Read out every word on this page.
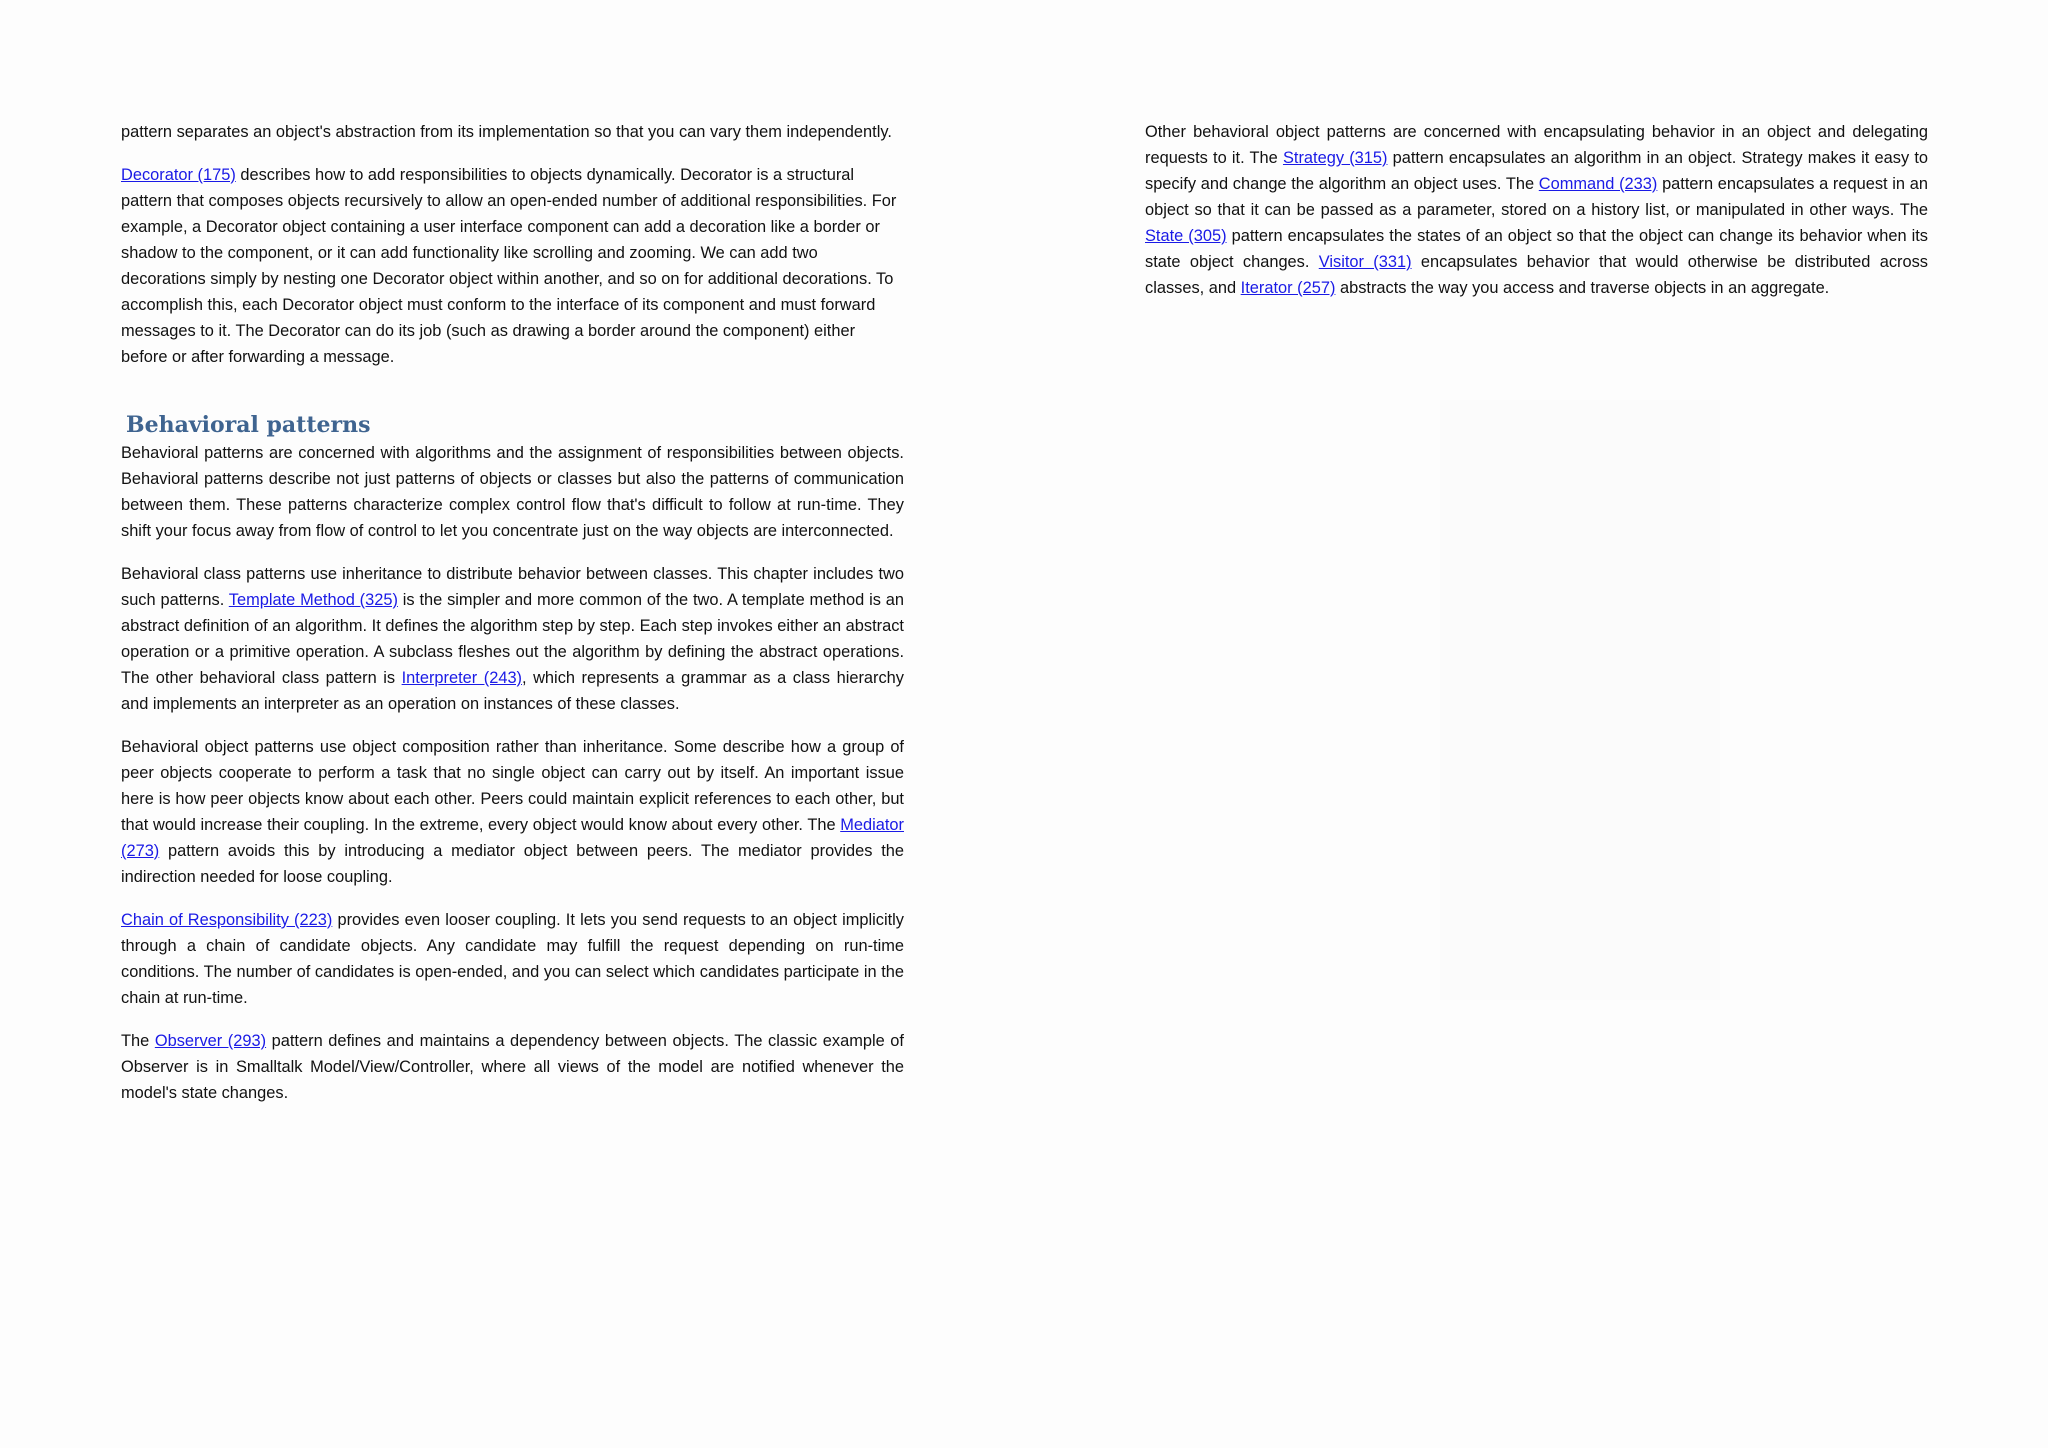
pattern separates an object's abstraction from its implementation so that you can vary them independently.

Decorator (175) describes how to add responsibilities to objects dynamically. Decorator is a structural pattern that composes objects recursively to allow an open-ended number of additional responsibilities. For example, a Decorator object containing a user interface component can add a decoration like a border or shadow to the component, or it can add functionality like scrolling and zooming. We can add two decorations simply by nesting one Decorator object within another, and so on for additional decorations. To accomplish this, each Decorator object must conform to the interface of its component and must forward messages to it. The Decorator can do its job (such as drawing a border around the component) either before or after forwarding a message.

Behavioral patterns

Behavioral patterns are concerned with algorithms and the assignment of responsibilities between objects. Behavioral patterns describe not just patterns of objects or classes but also the patterns of communication between them. These patterns characterize complex control flow that's difficult to follow at run-time. They shift your focus away from flow of control to let you concentrate just on the way objects are interconnected.

Behavioral class patterns use inheritance to distribute behavior between classes. This chapter includes two such patterns. Template Method (325) is the simpler and more common of the two. A template method is an abstract definition of an algorithm. It defines the algorithm step by step. Each step invokes either an abstract operation or a primitive operation. A subclass fleshes out the algorithm by defining the abstract operations. The other behavioral class pattern is Interpreter (243), which represents a grammar as a class hierarchy and implements an interpreter as an operation on instances of these classes.

Behavioral object patterns use object composition rather than inheritance. Some describe how a group of peer objects cooperate to perform a task that no single object can carry out by itself. An important issue here is how peer objects know about each other. Peers could maintain explicit references to each other, but that would increase their coupling. In the extreme, every object would know about every other. The Mediator (273) pattern avoids this by introducing a mediator object between peers. The mediator provides the indirection needed for loose coupling.

Chain of Responsibility (223) provides even looser coupling. It lets you send requests to an object implicitly through a chain of candidate objects. Any candidate may fulfill the request depending on run-time conditions. The number of candidates is open-ended, and you can select which candidates participate in the chain at run-time.

The Observer (293) pattern defines and maintains a dependency between objects. The classic example of Observer is in Smalltalk Model/View/Controller, where all views of the model are notified whenever the model's state changes.

Other behavioral object patterns are concerned with encapsulating behavior in an object and delegating requests to it. The Strategy (315) pattern encapsulates an algorithm in an object. Strategy makes it easy to specify and change the algorithm an object uses. The Command (233) pattern encapsulates a request in an object so that it can be passed as a parameter, stored on a history list, or manipulated in other ways. The State (305) pattern encapsulates the states of an object so that the object can change its behavior when its state object changes. Visitor (331) encapsulates behavior that would otherwise be distributed across classes, and Iterator (257) abstracts the way you access and traverse objects in an aggregate.
